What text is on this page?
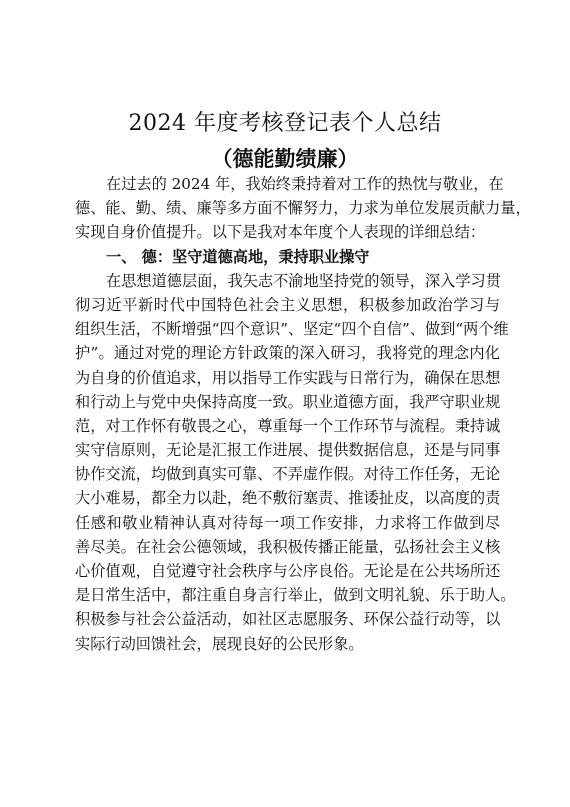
2024 年度考核登记表个人总结
（德能勤绩廉）
在过去的 2024 年，我始终秉持着对工作的热忱与敬业，在
德、能、勤、绩、廉等多方面不懈努力，力求为单位发展贡献力量，
实现自身价值提升。以下是我对本年度个人表现的详细总结：
一、 德：坚守道德高地，秉持职业操守
在思想道德层面，我矢志不渝地坚持党的领导，深入学习贯
彻习近平新时代中国特色社会主义思想，积极参加政治学习与
组织生活，不断增强“四个意识”、坚定“四个自信”、做到“两个维
护”。通过对党的理论方针政策的深入研习，我将党的理念内化
为自身的价值追求，用以指导工作实践与日常行为，确保在思想
和行动上与党中央保持高度一致。职业道德方面，我严守职业规
范，对工作怀有敬畏之心，尊重每一个工作环节与流程。秉持诚
实守信原则，无论是汇报工作进展、提供数据信息，还是与同事
协作交流，均做到真实可靠、不弄虚作假。对待工作任务，无论
大小难易，都全力以赴，绝不敷衍塞责、推诿扯皮，以高度的责
任感和敬业精神认真对待每一项工作安排，力求将工作做到尽
善尽美。在社会公德领域，我积极传播正能量，弘扬社会主义核
心价值观，自觉遵守社会秩序与公序良俗。无论是在公共场所还
是日常生活中，都注重自身言行举止，做到文明礼貌、乐于助人。
积极参与社会公益活动，如社区志愿服务、环保公益行动等，以
实际行动回馈社会，展现良好的公民形象。
